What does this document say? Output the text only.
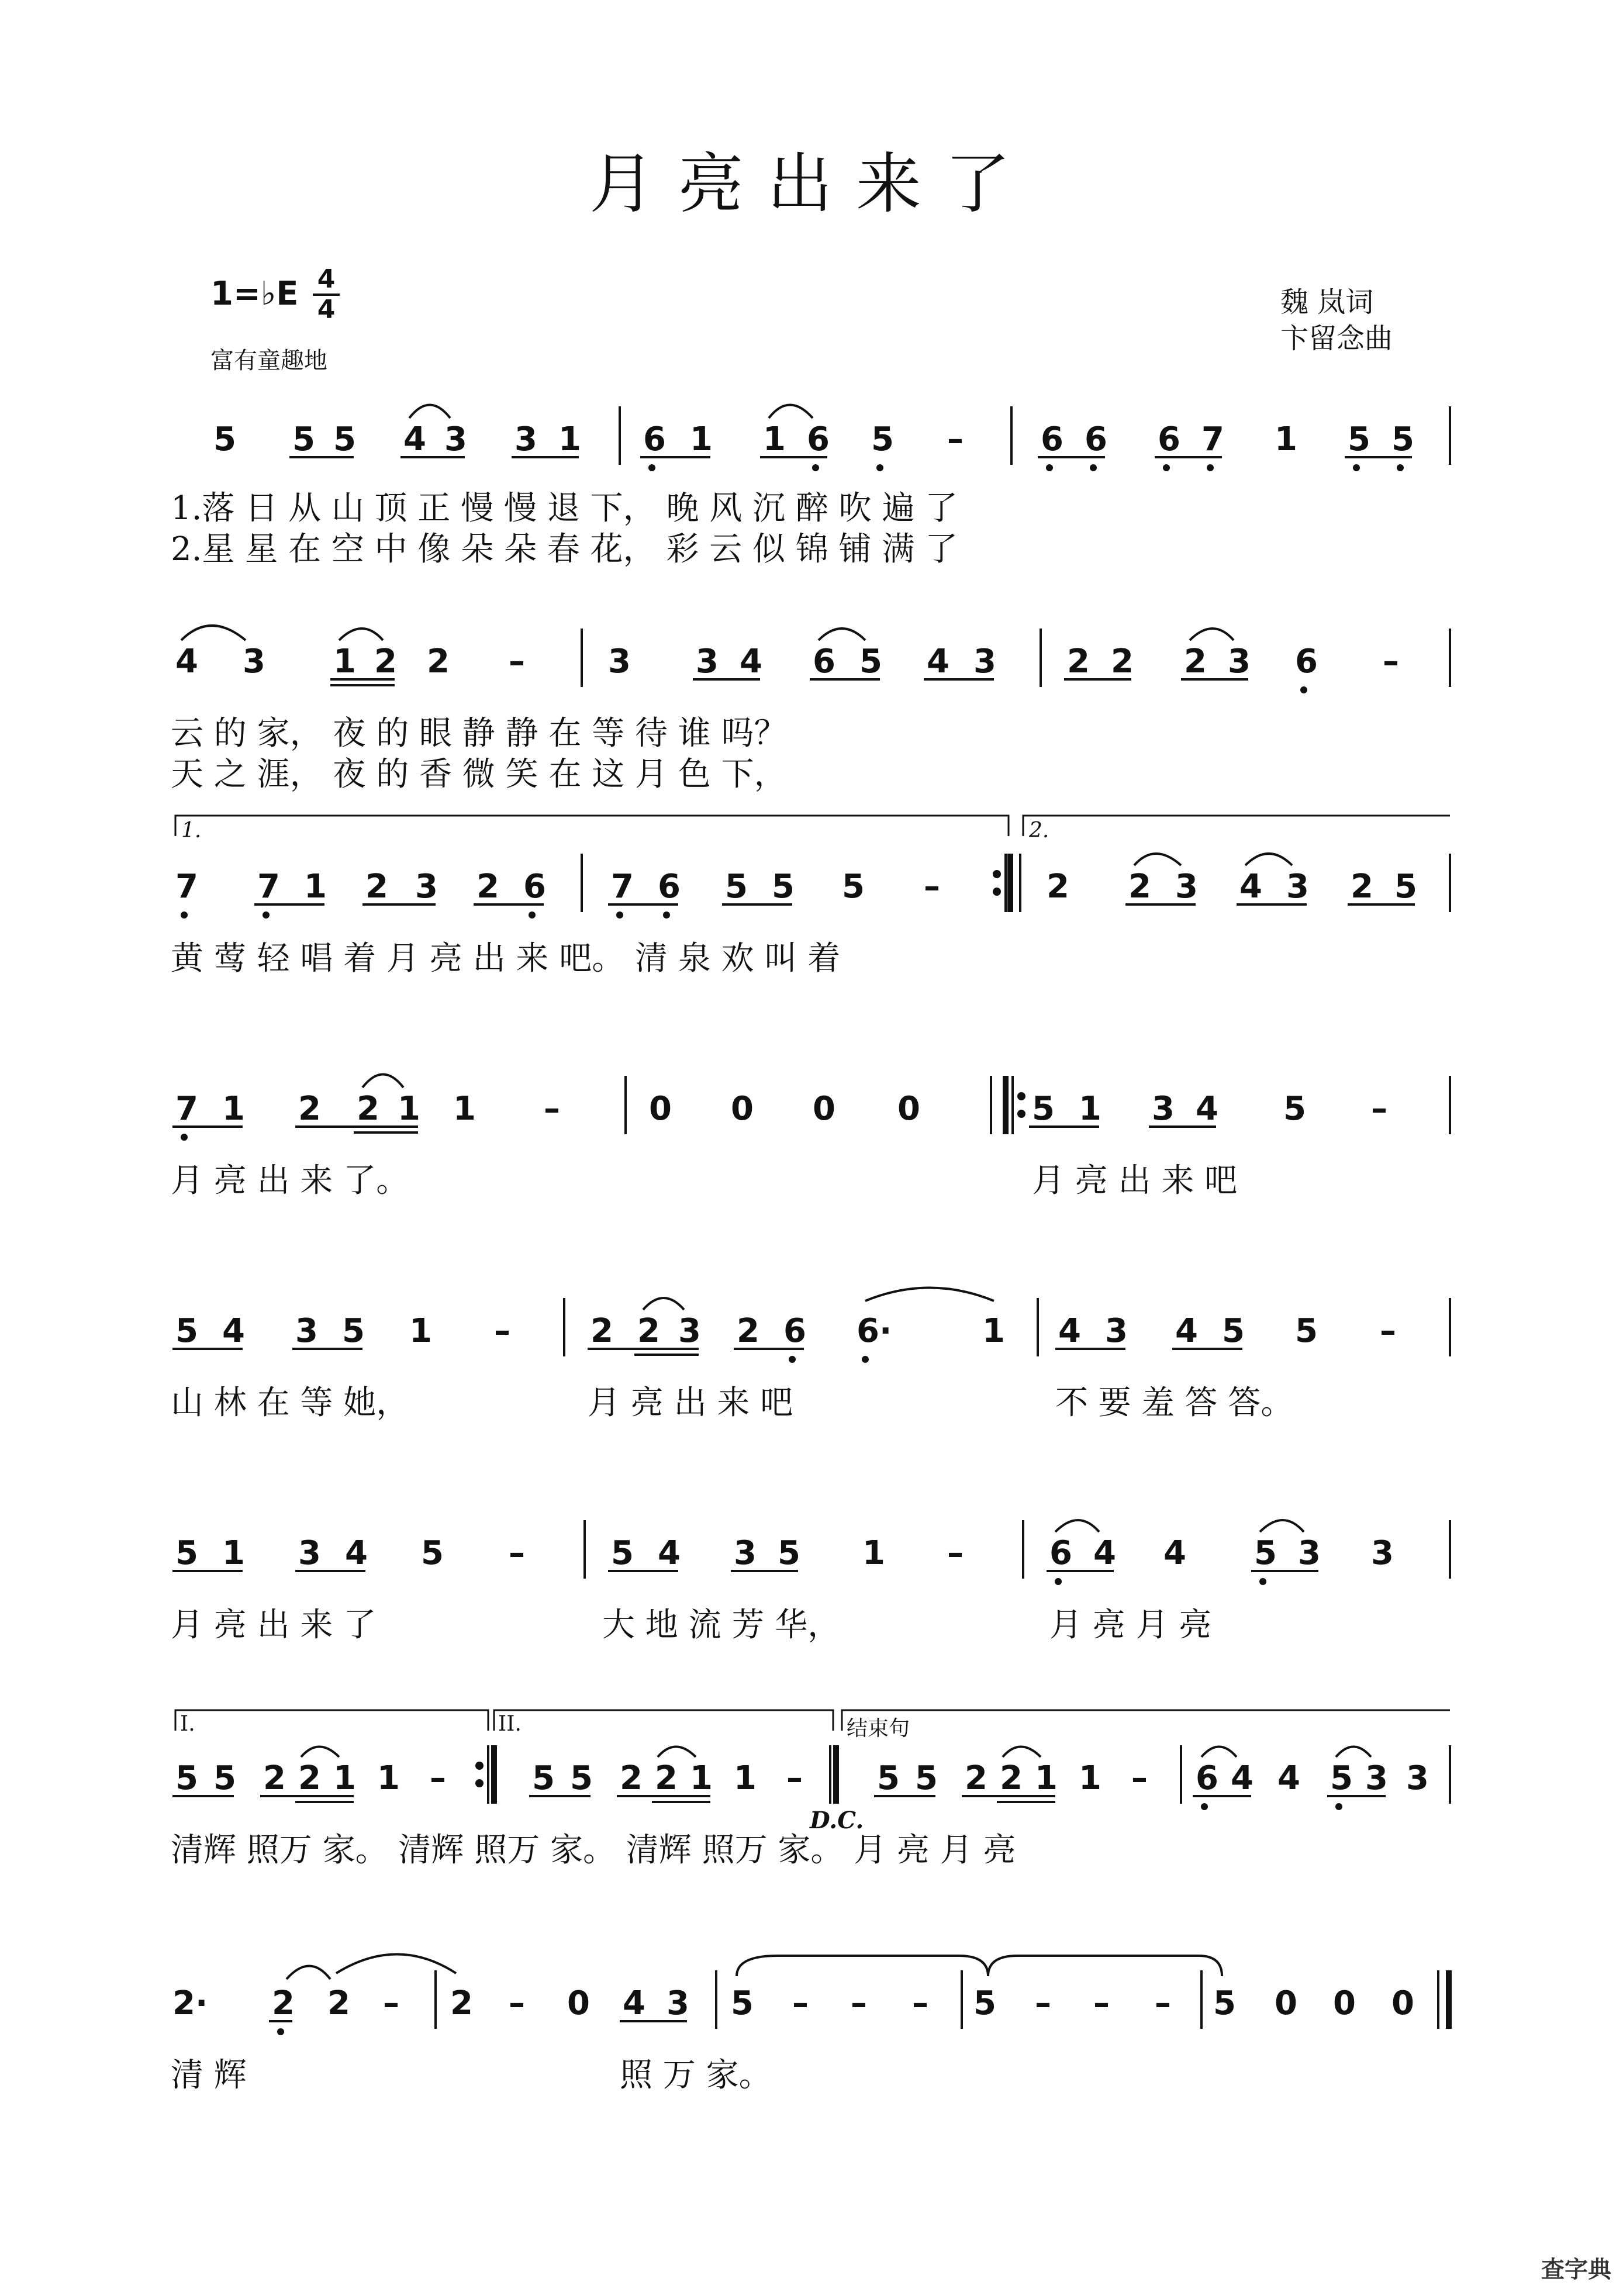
月亮出来了
1=♭E 4
4
富有童趣地
魏 岚词
卞留念曲
5 5 5 4 3 3 1 6 1 1 6 5 – 6 6 6 7 1 5 5
4 3 1 2 2 –	3 3 4 6 5 4 3 2 2 2 3 6 –
7 7 1 2 3 2 6 7 6 5 5 5 –	2 2 3 4 3 2 5
7 1 2 2 1 1 –	0 0 0 0	5 1 3 4 5 –
5 4 3 5 1 – 2 2 3 2 6 6·	1 4 3 4 5 5 –
5 1 3 4 5 –	5 4 3 5 1 –	6 4 4 5 3 3
5 5 2 2 1 1 –	5 5 2 2 1 1 – 5 5 2 2 1 1 – 6 4 4 5 3 3
2· 2 2 – 2 – 0 4 3 5 – – – 5 – – – 5 0 0 0
1.	2.
I.	II.	结束句
D.C.
1.落 日 从 山 顶 正 慢 慢 退 下， 晚 风 沉 醉 吹 遍 了
2.星 星 在 空 中 像 朵 朵 春 花， 彩 云 似 锦 铺 满 了
云 的 家， 夜 的 眼 静 静 在 等 待 谁 吗？
天 之 涯， 夜 的 香 微 笑 在 这 月 色 下，
黄 莺 轻 唱 着 月 亮 出 来 吧。 清 泉 欢 叫 着
月 亮 出 来 了。	月 亮 出 来 吧
山 林 在 等 她，	月 亮 出 来 吧	不 要 羞 答 答。
月 亮 出 来 了	大 地 流 芳 华，	月 亮 月 亮
清辉 照万 家。 清辉 照万 家。 清辉 照万 家。 月 亮 月 亮
清 辉	照 万 家。
查字典
